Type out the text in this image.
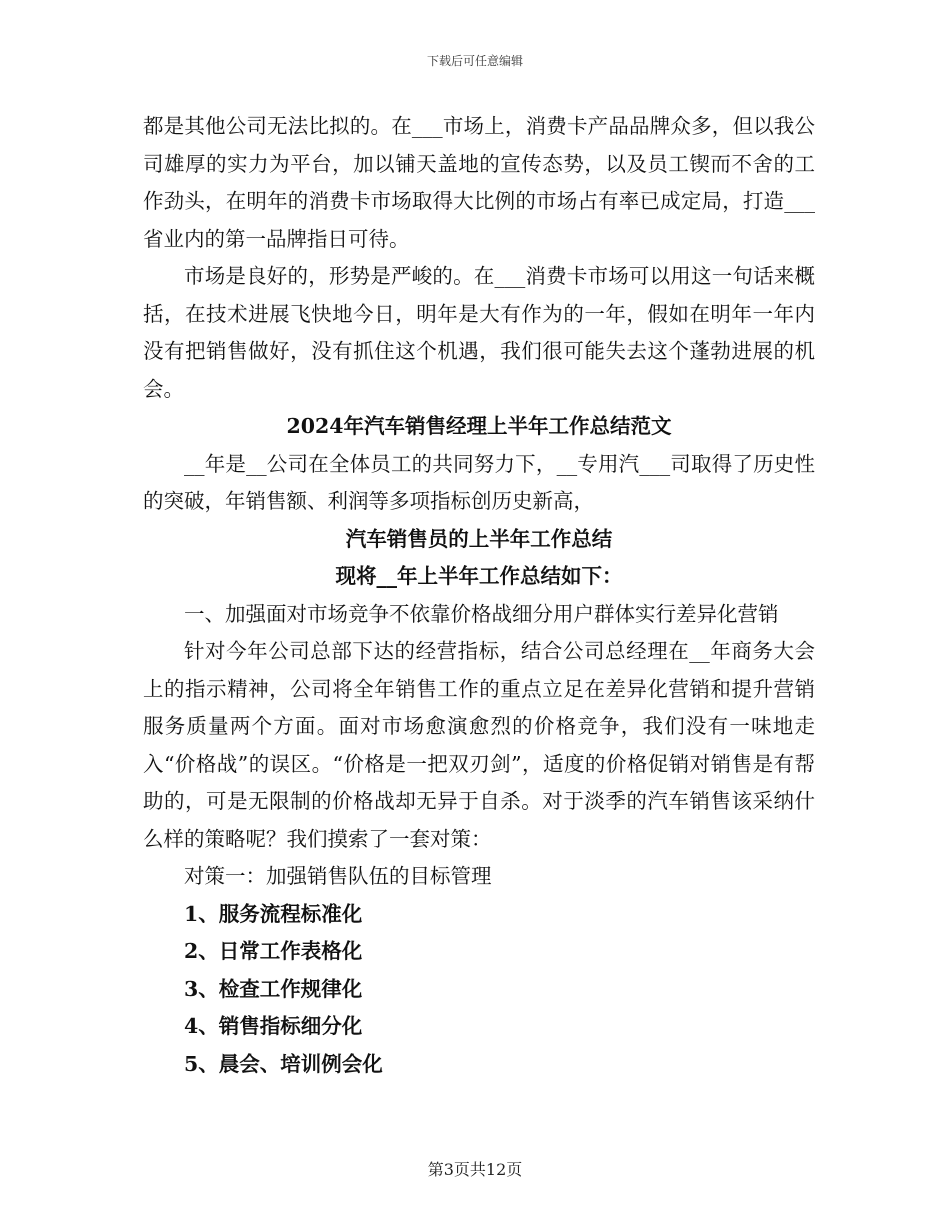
下载后可任意编辑

都是其他公司无法比拟的。在___市场上，消费卡产品品牌众多，但以我公司雄厚的实力为平台，加以铺天盖地的宣传态势，以及员工锲而不舍的工作劲头，在明年的消费卡市场取得大比例的市场占有率已成定局，打造___省业内的第一品牌指日可待。

市场是良好的，形势是严峻的。在___消费卡市场可以用这一句话来概括，在技术进展飞快地今日，明年是大有作为的一年，假如在明年一年内没有把销售做好，没有抓住这个机遇，我们很可能失去这个蓬勃进展的机会。

2024年汽车销售经理上半年工作总结范文

__年是__公司在全体员工的共同努力下，__专用汽___司取得了历史性的突破，年销售额、利润等多项指标创历史新高，

汽车销售员的上半年工作总结

现将__年上半年工作总结如下：

一、加强面对市场竞争不依靠价格战细分用户群体实行差异化营销

针对今年公司总部下达的经营指标，结合公司总经理在__年商务大会上的指示精神，公司将全年销售工作的重点立足在差异化营销和提升营销服务质量两个方面。面对市场愈演愈烈的价格竞争，我们没有一味地走入“价格战”的误区。“价格是一把双刃剑”，适度的价格促销对销售是有帮助的，可是无限制的价格战却无异于自杀。对于淡季的汽车销售该采纳什么样的策略呢？我们摸索了一套对策：

对策一：加强销售队伍的目标管理

1、服务流程标准化

2、日常工作表格化

3、检查工作规律化

4、销售指标细分化

5、晨会、培训例会化

第3页共12页
